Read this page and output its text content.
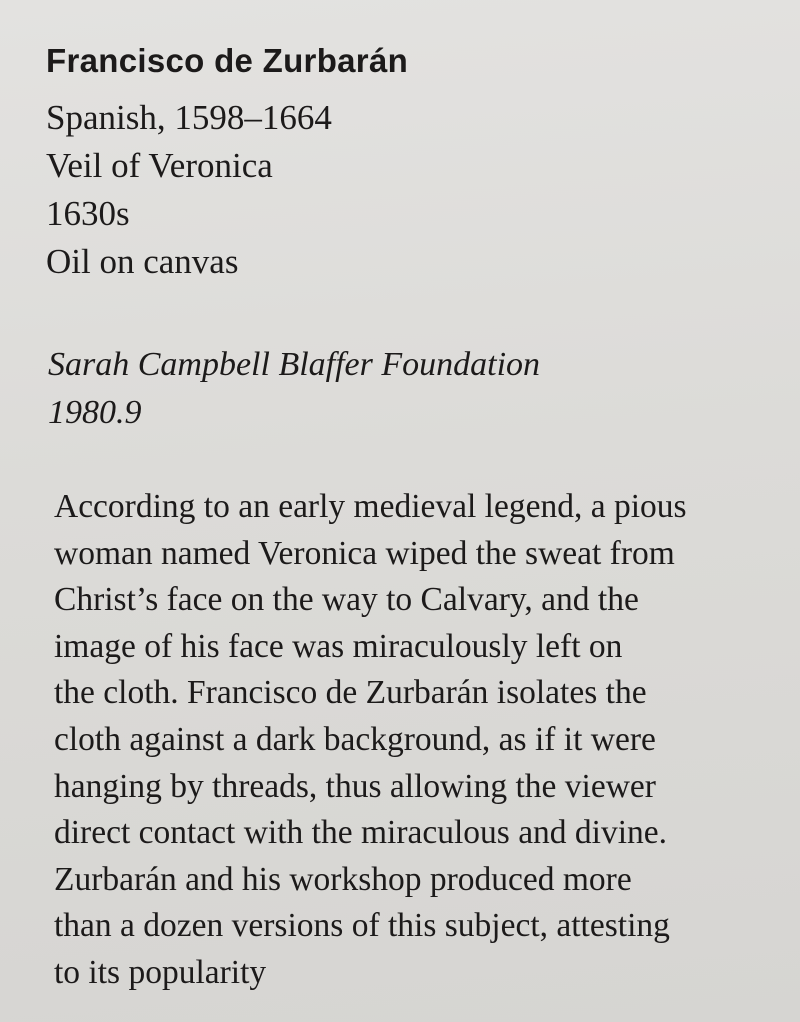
Francisco de Zurbarán
Spanish, 1598–1664
Veil of Veronica
1630s
Oil on canvas
Sarah Campbell Blaffer Foundation
1980.9
According to an early medieval legend, a pious
woman named Veronica wiped the sweat from
Christ’s face on the way to Calvary, and the
image of his face was miraculously left on
the cloth. Francisco de Zurbarán isolates the
cloth against a dark background, as if it were
hanging by threads, thus allowing the viewer
direct contact with the miraculous and divine.
Zurbarán and his workshop produced more
than a dozen versions of this subject, attesting
to its popularity
